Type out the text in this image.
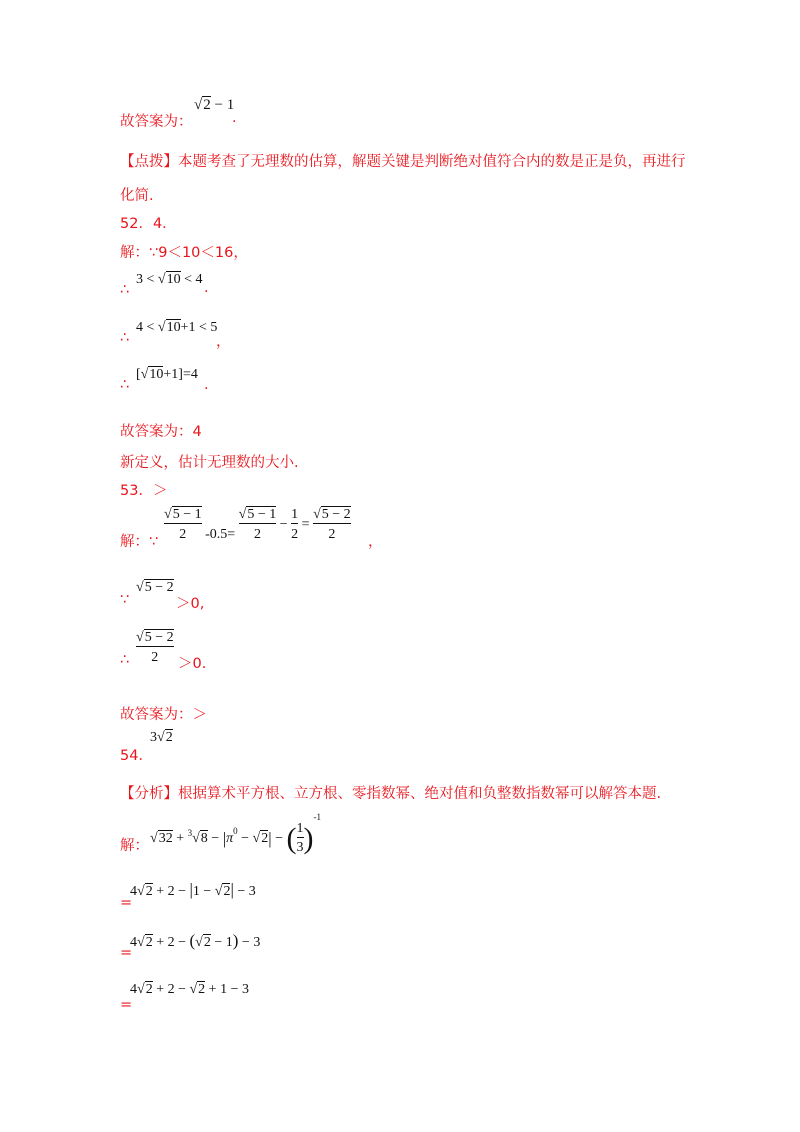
故答案为：
√2 − 1
.
【点拨】本题考查了无理数的估算，解题关键是判断绝对值符合内的数是正是负，再进行
化简.
52．4．
解：∵9＜10＜16，
∴
3 < √10 < 4
.
∴
4 < √10+1 < 5
，
∴
[√10+1]=4
.
故答案为：4
新定义，估计无理数的大小.
53．＞
解：∵ $\frac{√5 - 1}{2} -0.5= \frac{√5 - 1}{2} - \frac{1}{2} = \frac{√5 - 2}{2}$ ，
∵
√5 − 2
＞0,
∴ $\frac{√5 - 2}{2} >0$.
故答案为：＞
54．
3√2
【分析】根据算术平方根、立方根、零指数幂、绝对值和负整数指数幂可以解答本题.
解： $√32 + ^3√8 - |\pi^0 - √2|$ − ( $\frac{1}{3} )^{-1}$
=
4√2 + 2 − |1 − √2| − 3
=
4√2 + 2 − (√2 − 1) − 3
=
4√2 + 2 − √2 + 1 − 3
